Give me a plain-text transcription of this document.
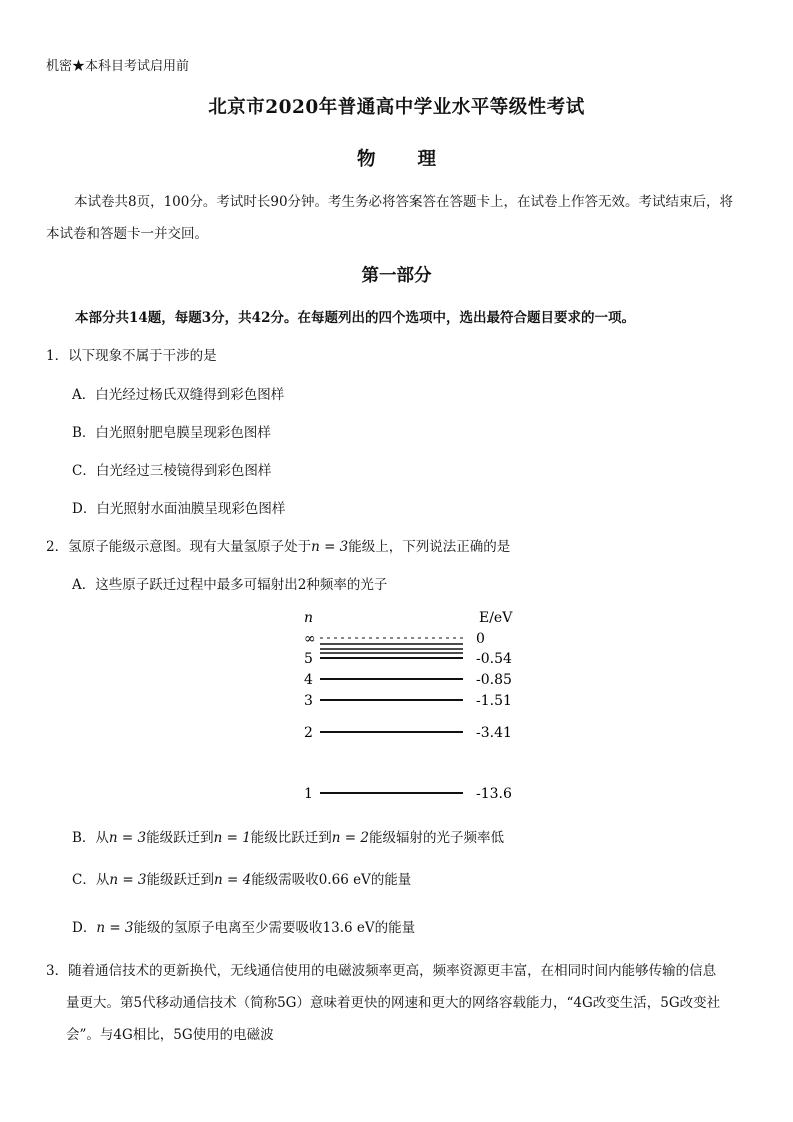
机密★本科目考试启用前
北京市2020年普通高中学业水平等级性考试
物 理
本试卷共8页，100分。考试时长90分钟。考生务必将答案答在答题卡上，在试卷上作答无效。考试结束后，将本试卷和答题卡一并交回。
第一部分
本部分共14题，每题3分，共42分。在每题列出的四个选项中，选出最符合题目要求的一项。
1．以下现象不属于干涉的是
A．白光经过杨氏双缝得到彩色图样
B．白光照射肥皂膜呈现彩色图样
C．白光经过三棱镜得到彩色图样
D．白光照射水面油膜呈现彩色图样
2．氢原子能级示意图。现有大量氢原子处于n = 3能级上，下列说法正确的是
A．这些原子跃迁过程中最多可辐射出2种频率的光子
n	E/eV
∞	0
5	-0.54
4	-0.85
3	-1.51
2	-3.41
1	-13.6
B．从n = 3能级跃迁到n = 1能级比跃迁到n = 2能级辐射的光子频率低
C．从n = 3能级跃迁到n = 4能级需吸收0.66 eV的能量
D．n = 3能级的氢原子电离至少需要吸收13.6 eV的能量
3．随着通信技术的更新换代，无线通信使用的电磁波频率更高，频率资源更丰富，在相同时间内能够传输的信息
量更大。第5代移动通信技术（简称5G）意味着更快的网速和更大的网络容载能力，“4G改变生活，5G改变社会”。与4G相比，5G使用的电磁波
